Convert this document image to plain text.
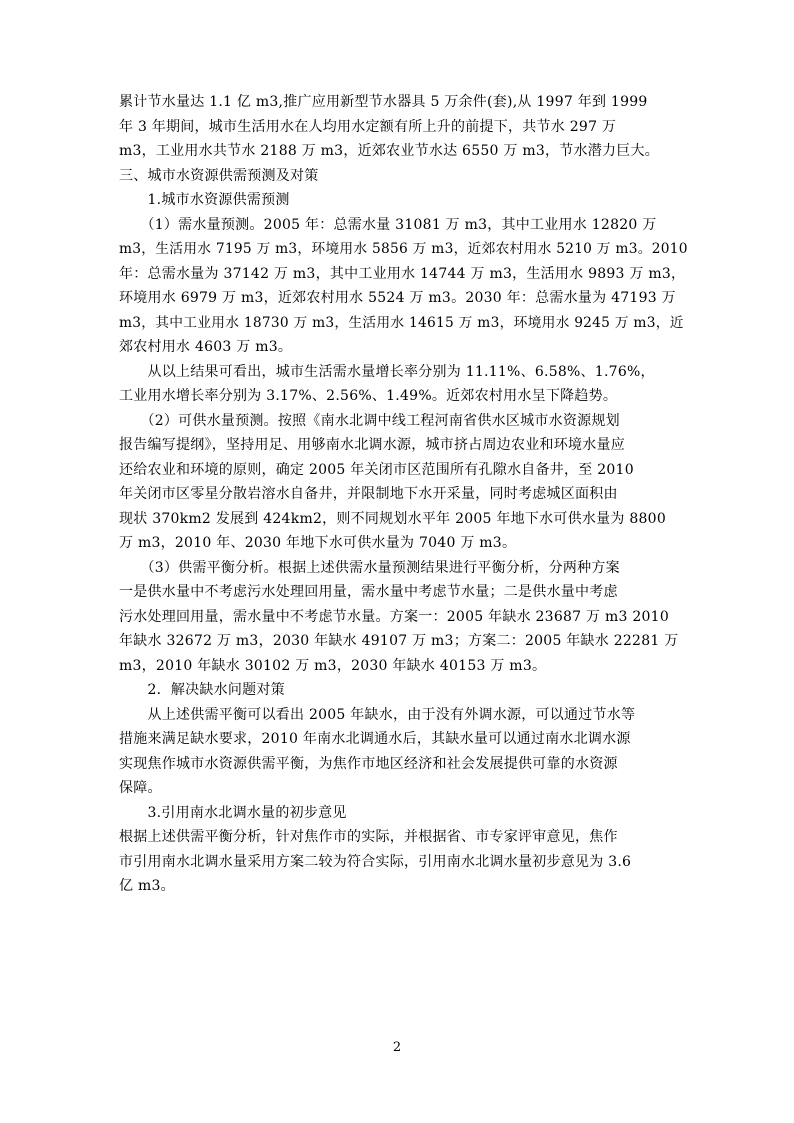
累计节水量达 1.1 亿 m3,推广应用新型节水器具 5 万余件(套),从 1997 年到 1999
年 3 年期间，城市生活用水在人均用水定额有所上升的前提下，共节水 297 万
m3，工业用水共节水 2188 万 m3，近郊农业节水达 6550 万 m3，节水潜力巨大。
三、城市水资源供需预测及对策
　　1.城市水资源供需预测
　　（1）需水量预测。2005 年：总需水量 31081 万 m3，其中工业用水 12820 万
m3，生活用水 7195 万 m3，环境用水 5856 万 m3，近郊农村用水 5210 万 m3。2010
年：总需水量为 37142 万 m3，其中工业用水 14744 万 m3，生活用水 9893 万 m3，
环境用水 6979 万 m3，近郊农村用水 5524 万 m3。2030 年：总需水量为 47193 万
m3，其中工业用水 18730 万 m3，生活用水 14615 万 m3，环境用水 9245 万 m3，近
郊农村用水 4603 万 m3。
　　从以上结果可看出，城市生活需水量增长率分别为 11.11%、6.58%、1.76%，
工业用水增长率分别为 3.17%、2.56%、1.49%。近郊农村用水呈下降趋势。
　　（2）可供水量预测。按照《南水北调中线工程河南省供水区城市水资源规划
报告编写提纲》，坚持用足、用够南水北调水源，城市挤占周边农业和环境水量应
还给农业和环境的原则，确定 2005 年关闭市区范围所有孔隙水自备井，至 2010
年关闭市区零星分散岩溶水自备井，并限制地下水开采量，同时考虑城区面积由
现状 370km2 发展到 424km2，则不同规划水平年 2005 年地下水可供水量为 8800
万 m3，2010 年、2030 年地下水可供水量为 7040 万 m3。
　　（3）供需平衡分析。根据上述供需水量预测结果进行平衡分析，分两种方案
一是供水量中不考虑污水处理回用量，需水量中考虑节水量；二是供水量中考虑
污水处理回用量，需水量中不考虑节水量。方案一：2005 年缺水 23687 万 m3 2010
年缺水 32672 万 m3，2030 年缺水 49107 万 m3；方案二：2005 年缺水 22281 万
m3，2010 年缺水 30102 万 m3，2030 年缺水 40153 万 m3。
　　2．解决缺水问题对策
　　从上述供需平衡可以看出 2005 年缺水，由于没有外调水源，可以通过节水等
措施来满足缺水要求，2010 年南水北调通水后，其缺水量可以通过南水北调水源
实现焦作城市水资源供需平衡，为焦作市地区经济和社会发展提供可靠的水资源
保障。
　　3.引用南水北调水量的初步意见
根据上述供需平衡分析，针对焦作市的实际，并根据省、市专家评审意见，焦作
市引用南水北调水量采用方案二较为符合实际，引用南水北调水量初步意见为 3.6
亿 m3。
2
